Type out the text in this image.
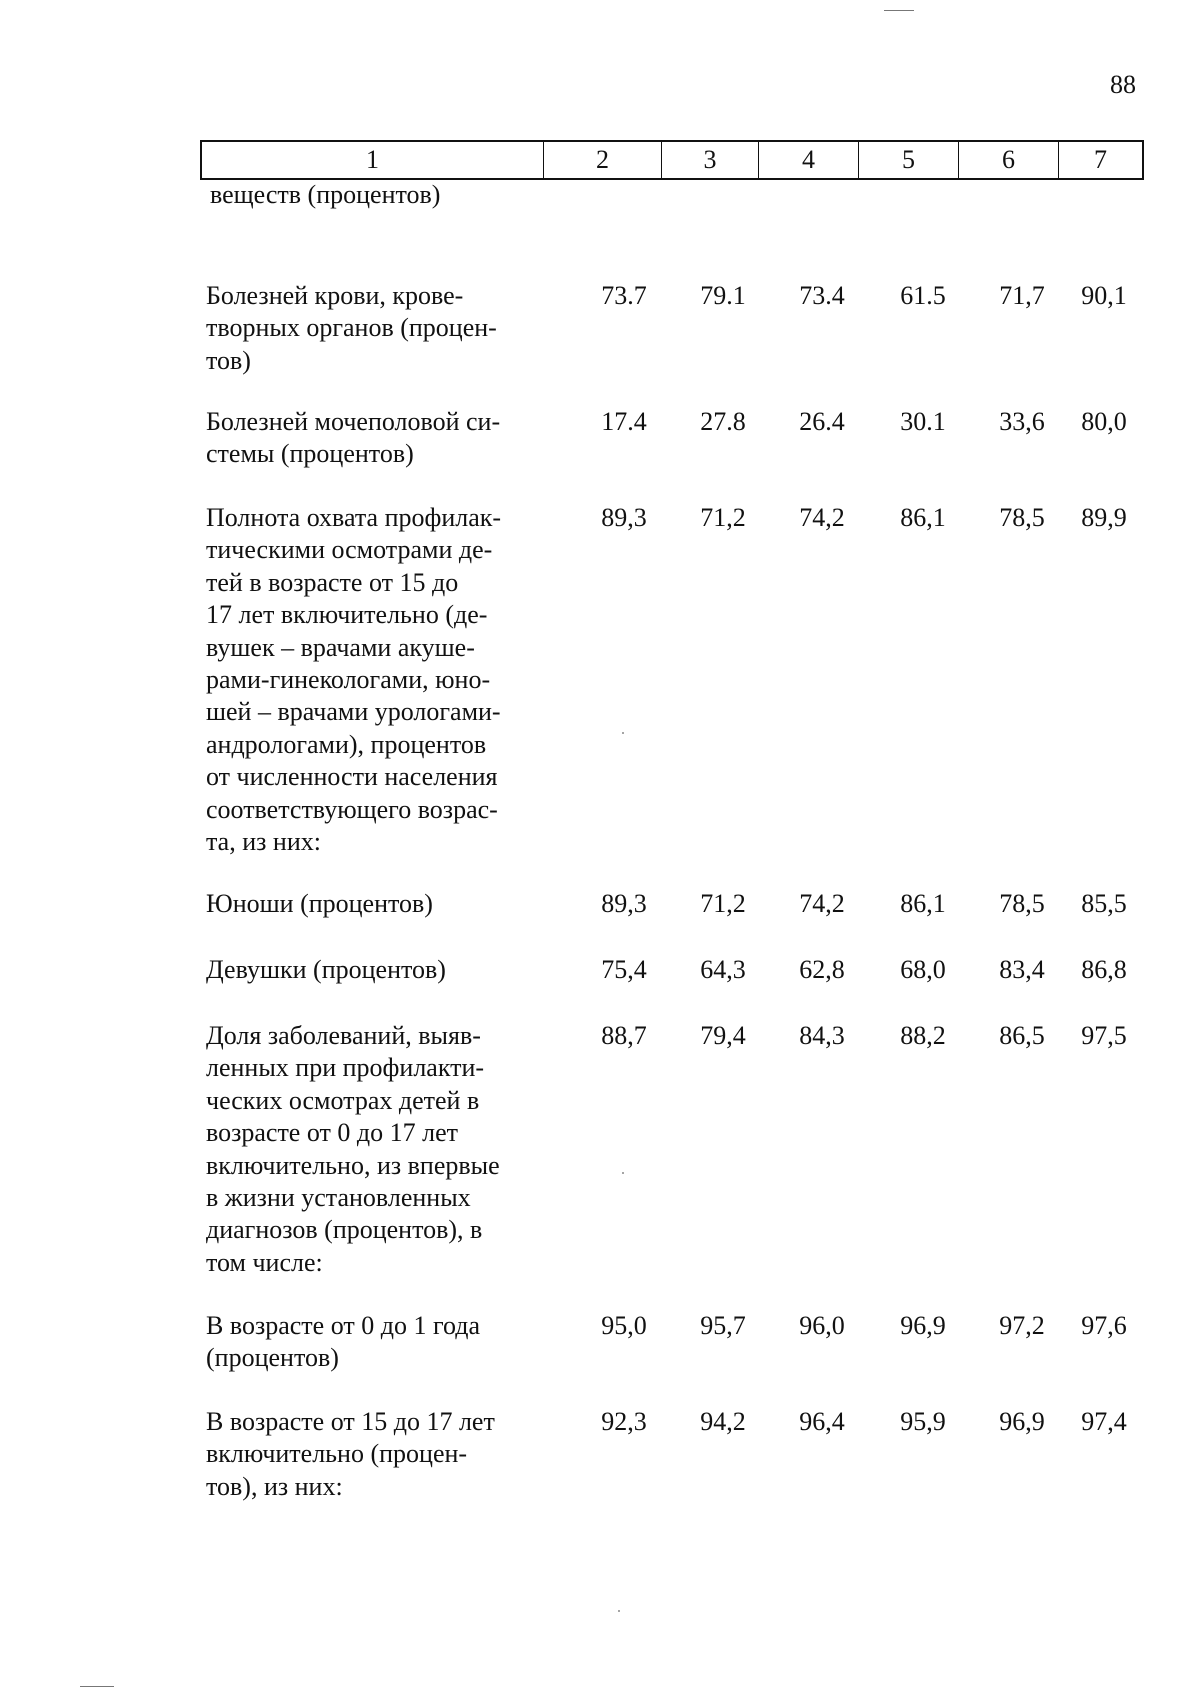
88
1	2	3	4	5	6	7
веществ (процентов)
Болезней крови, крове-
творных органов (процен-
тов)
73.7	79.1	73.4	61.5	71,7	90,1
Болезней мочеполовой си-
стемы (процентов)
17.4	27.8	26.4	30.1	33,6	80,0
Полнота охвата профилак-
тическими осмотрами де-
тей в возрасте от 15 до
17 лет включительно (де-
вушек – врачами акуше-
рами-гинекологами, юно-
шей – врачами урологами-
андрологами), процентов
от численности населения
соответствующего возрас-
та, из них:
89,3	71,2	74,2	86,1	78,5	89,9
Юноши (процентов)	89,3	71,2	74,2	86,1	78,5	85,5
Девушки (процентов)	75,4	64,3	62,8	68,0	83,4	86,8
Доля заболеваний, выяв-
ленных при профилакти-
ческих осмотрах детей в
возрасте от 0 до 17 лет
включительно, из впервые
в жизни установленных
диагнозов (процентов), в
том числе:
88,7	79,4	84,3	88,2	86,5	97,5
В возрасте от 0 до 1 года
(процентов)
95,0	95,7	96,0	96,9	97,2	97,6
В возрасте от 15 до 17 лет
включительно (процен-
тов), из них:
92,3	94,2	96,4	95,9	96,9	97,4
